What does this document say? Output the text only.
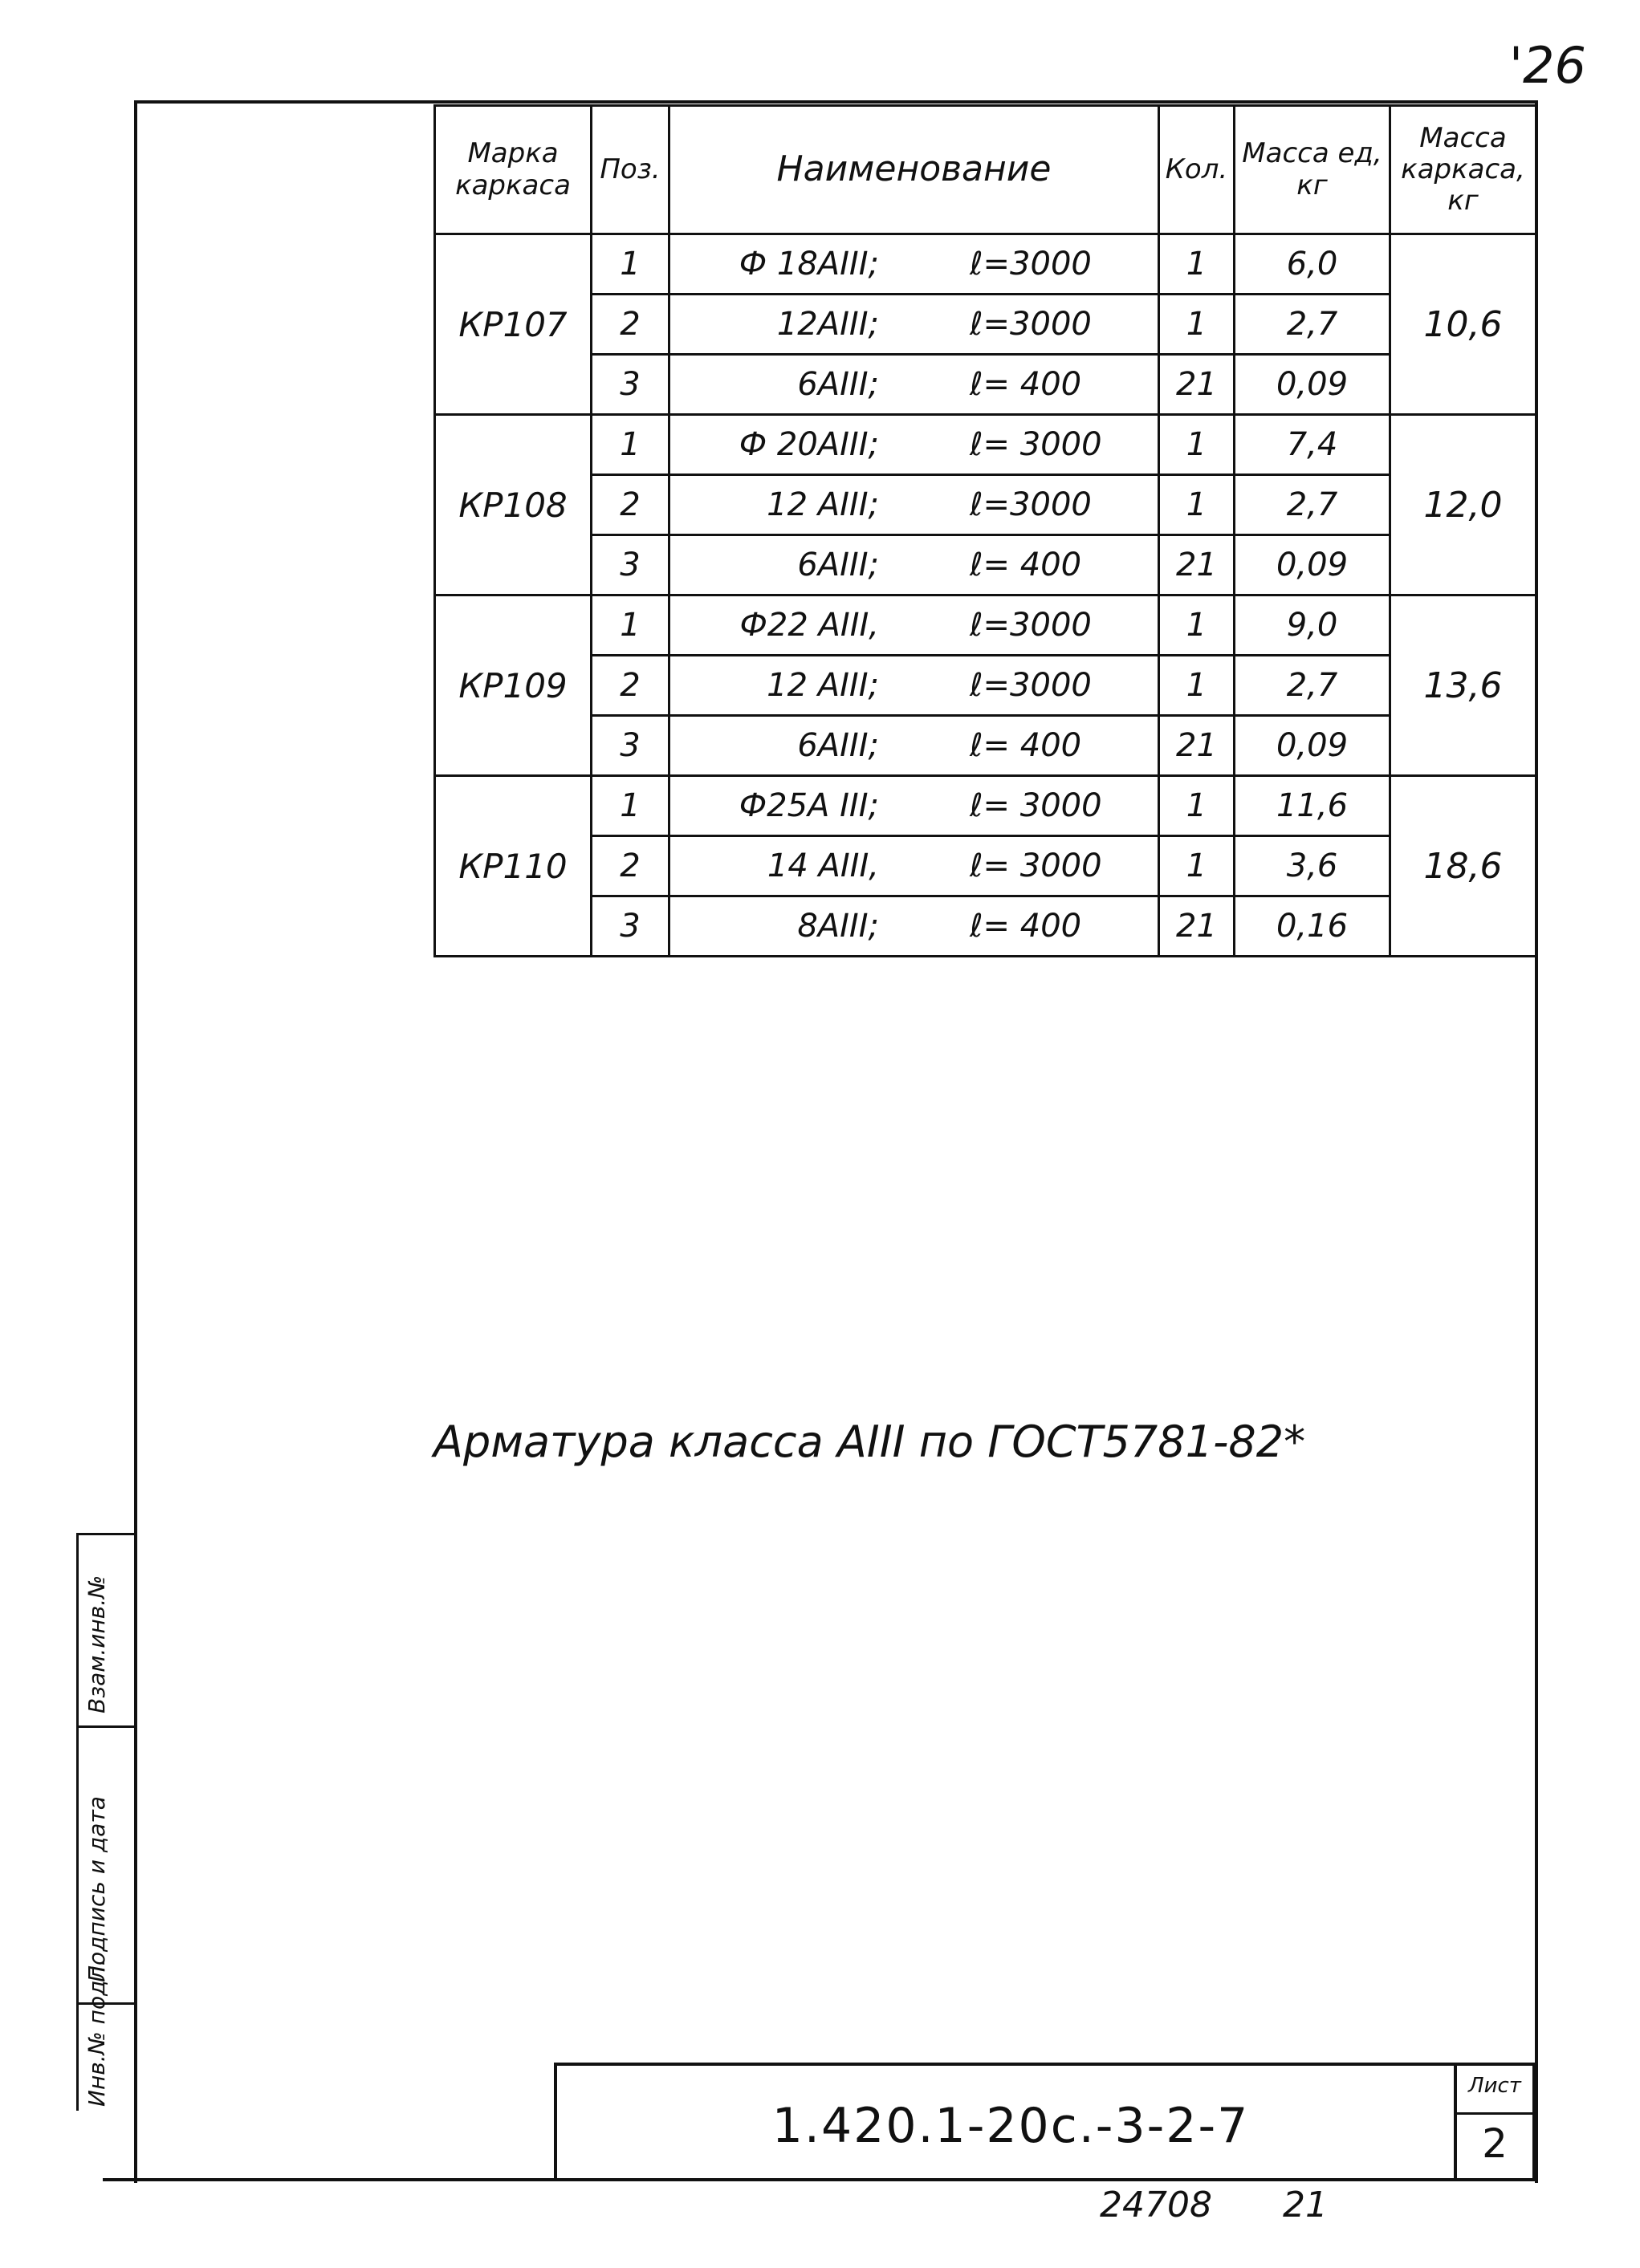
'26
Марка каркаса	Поз.	Наименование	Кол.	Масса ед, кг	Масса каркаса, кг
КР107	1	Ф 18АIII; ℓ=3000	1	6,0	10,6
	2	12АIII; ℓ=3000	1	2,7	
	3	6АIII; ℓ= 400	21	0,09	
КР108	1	Ф 20АIII; ℓ= 3000	1	7,4	12,0
	2	12 АIII; ℓ=3000	1	2,7	
	3	6АIII; ℓ= 400	21	0,09	
КР109	1	Ф22 АIII, ℓ=3000	1	9,0	13,6
	2	12 АIII; ℓ=3000	1	2,7	
	3	6АIII; ℓ= 400	21	0,09	
КР110	1	Ф25А III; ℓ= 3000	1	11,6	18,6
	2	14 АIII, ℓ= 3000	1	3,6	
	3	8АIII; ℓ= 400	21	0,16	
Арматура класса АIII по ГОСТ5781-82*
Инв.№ подл.
Подпись и дата
Взам.инв.№
1.420.1-20с.-3-2-7
Лист
2
24708 21
